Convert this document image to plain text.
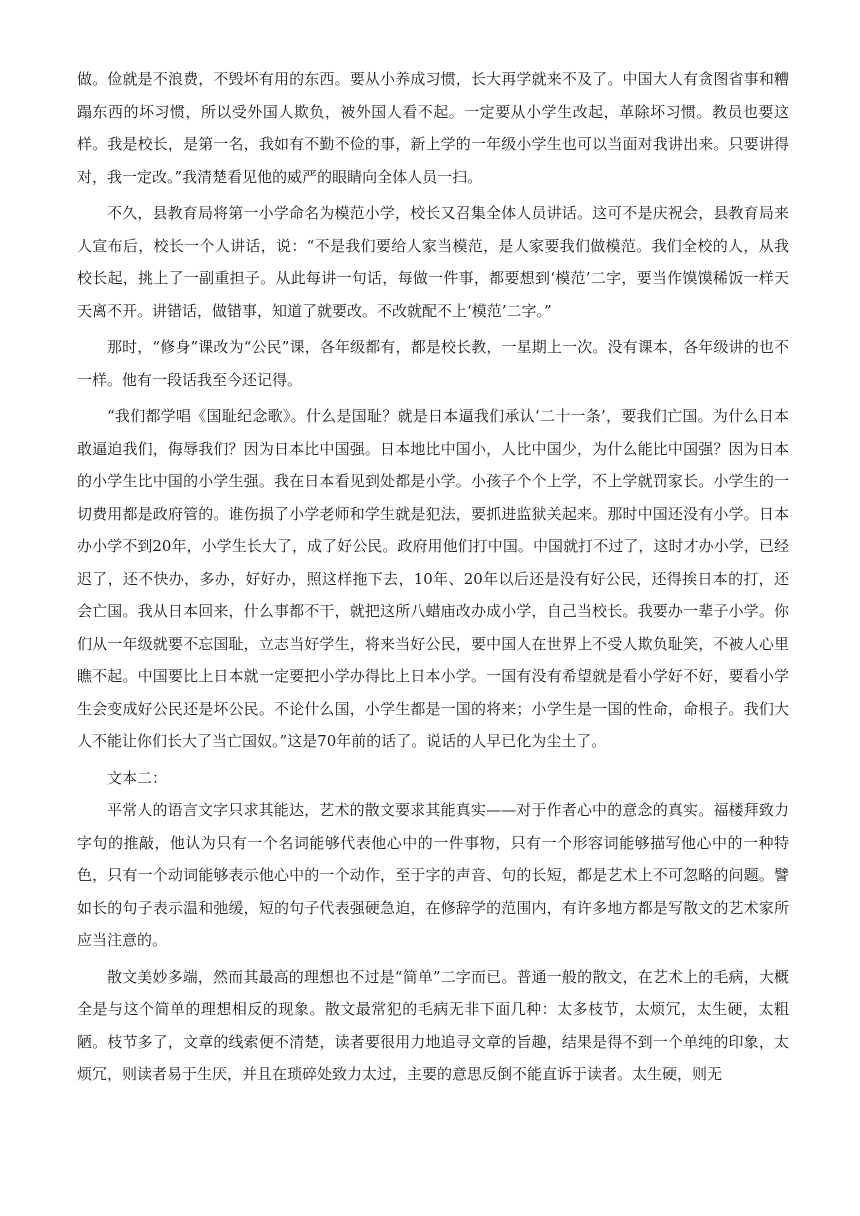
做。俭就是不浪费，不毁坏有用的东西。要从小养成习惯，长大再学就来不及了。中国大人有贪图省事和糟蹋东西的坏习惯，所以受外国人欺负，被外国人看不起。一定要从小学生改起，革除坏习惯。教员也要这样。我是校长，是第一名，我如有不勤不俭的事，新上学的一年级小学生也可以当面对我讲出来。只要讲得对，我一定改。”我清楚看见他的威严的眼睛向全体人员一扫。

不久，县教育局将第一小学命名为模范小学，校长又召集全体人员讲话。这可不是庆祝会，县教育局来人宣布后，校长一个人讲话，说：“不是我们要给人家当模范，是人家要我们做模范。我们全校的人，从我校长起，挑上了一副重担子。从此每讲一句话，每做一件事，都要想到‘模范’二字，要当作馍馍稀饭一样天天离不开。讲错话，做错事，知道了就要改。不改就配不上‘模范’二字。”

那时，“修身”课改为“公民”课，各年级都有，都是校长教，一星期上一次。没有课本，各年级讲的也不一样。他有一段话我至今还记得。

“我们都学唱《国耻纪念歌》。什么是国耻？就是日本逼我们承认‘二十一条’，要我们亡国。为什么日本敢逼迫我们，侮辱我们？因为日本比中国强。日本地比中国小，人比中国少，为什么能比中国强？因为日本的小学生比中国的小学生强。我在日本看见到处都是小学。小孩子个个上学，不上学就罚家长。小学生的一切费用都是政府管的。谁伤损了小学老师和学生就是犯法，要抓进监狱关起来。那时中国还没有小学。日本办小学不到20年，小学生长大了，成了好公民。政府用他们打中国。中国就打不过了，这时才办小学，已经迟了，还不快办，多办，好好办，照这样拖下去，10年、20年以后还是没有好公民，还得挨日本的打，还会亡国。我从日本回来，什么事都不干，就把这所八蜡庙改办成小学，自己当校长。我要办一辈子小学。你们从一年级就要不忘国耻，立志当好学生，将来当好公民，要中国人在世界上不受人欺负耻笑，不被人心里瞧不起。中国要比上日本就一定要把小学办得比上日本小学。一国有没有希望就是看小学好不好，要看小学生会变成好公民还是坏公民。不论什么国，小学生都是一国的将来；小学生是一国的性命，命根子。我们大人不能让你们长大了当亡国奴。”这是70年前的话了。说话的人早已化为尘土了。

文本二：

平常人的语言文字只求其能达，艺术的散文要求其能真实——对于作者心中的意念的真实。福楼拜致力字句的推敲，他认为只有一个名词能够代表他心中的一件事物，只有一个形容词能够描写他心中的一种特色，只有一个动词能够表示他心中的一个动作，至于字的声音、句的长短，都是艺术上不可忽略的问题。譬如长的句子表示温和弛缓，短的句子代表强硬急迫，在修辞学的范围内，有许多地方都是写散文的艺术家所应当注意的。

散文美妙多端，然而其最高的理想也不过是“简单”二字而已。普通一般的散文，在艺术上的毛病，大概全是与这个简单的理想相反的现象。散文最常犯的毛病无非下面几种：太多枝节，太烦冗，太生硬，太粗陋。枝节多了，文章的线索便不清楚，读者要很用力地追寻文章的旨趣，结果是得不到一个单纯的印象，太烦冗，则读者易于生厌，并且在琐碎处致力太过，主要的意思反倒不能直诉于读者。太生硬，则无
